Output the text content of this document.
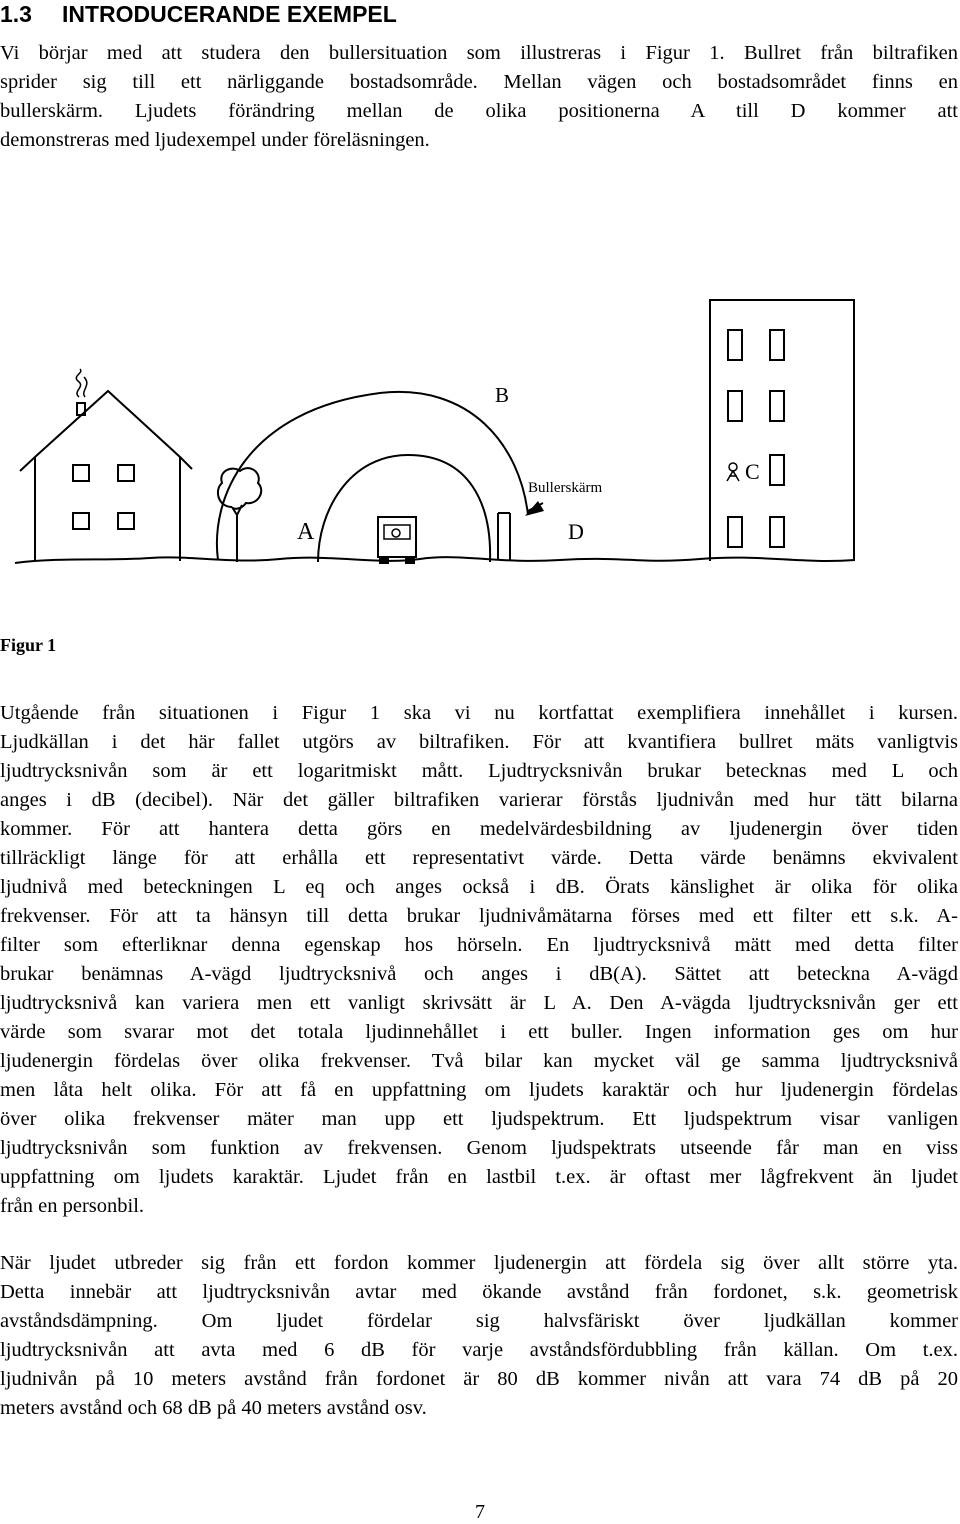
1.3 INTRODUCERANDE EXEMPEL
Vi börjar med att studera den bullersituation som illustreras i Figur 1. Bullret från biltrafiken
sprider sig till ett närliggande bostadsområde. Mellan vägen och bostadsområdet finns en
bullerskärm. Ljudets förändring mellan de olika positionerna A till D kommer att
demonstreras med ljudexempel under föreläsningen.
A
B
C
D
Bullerskärm
Figur 1
Utgående från situationen i Figur 1 ska vi nu kortfattat exemplifiera innehållet i kursen.
Ljudkällan i det här fallet utgörs av biltrafiken. För att kvantifiera bullret mäts vanligtvis
ljudtrycksnivån som är ett logaritmiskt mått. Ljudtrycksnivån brukar betecknas med L och
anges i dB (decibel). När det gäller biltrafiken varierar förstås ljudnivån med hur tätt bilarna
kommer. För att hantera detta görs en medelvärdesbildning av ljudenergin över tiden
tillräckligt länge för att erhålla ett representativt värde. Detta värde benämns ekvivalent
ljudnivå med beteckningen L eq och anges också i dB. Örats känslighet är olika för olika
frekvenser. För att ta hänsyn till detta brukar ljudnivåmätarna förses med ett filter ett s.k. A-
filter som efterliknar denna egenskap hos hörseln. En ljudtrycksnivå mätt med detta filter
brukar benämnas A-vägd ljudtrycksnivå och anges i dB(A). Sättet att beteckna A-vägd
ljudtrycksnivå kan variera men ett vanligt skrivsätt är L A. Den A-vägda ljudtrycksnivån ger ett
värde som svarar mot det totala ljudinnehållet i ett buller. Ingen information ges om hur
ljudenergin fördelas över olika frekvenser. Två bilar kan mycket väl ge samma ljudtrycksnivå
men låta helt olika. För att få en uppfattning om ljudets karaktär och hur ljudenergin fördelas
över olika frekvenser mäter man upp ett ljudspektrum. Ett ljudspektrum visar vanligen
ljudtrycksnivån som funktion av frekvensen. Genom ljudspektrats utseende får man en viss
uppfattning om ljudets karaktär. Ljudet från en lastbil t.ex. är oftast mer lågfrekvent än ljudet
från en personbil.
När ljudet utbreder sig från ett fordon kommer ljudenergin att fördela sig över allt större yta.
Detta innebär att ljudtrycksnivån avtar med ökande avstånd från fordonet, s.k. geometrisk
avståndsdämpning. Om ljudet fördelar sig halvsfäriskt över ljudkällan kommer
ljudtrycksnivån att avta med 6 dB för varje avståndsfördubbling från källan. Om t.ex.
ljudnivån på 10 meters avstånd från fordonet är 80 dB kommer nivån att vara 74 dB på 20
meters avstånd och 68 dB på 40 meters avstånd osv.
7
